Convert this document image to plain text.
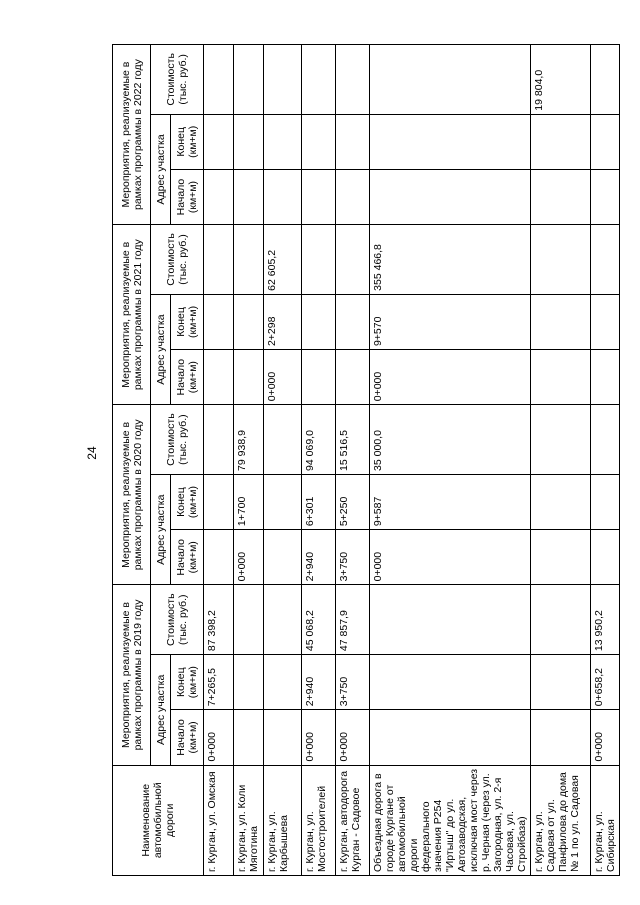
24
Наименование автомобильной дороги	Мероприятия, реализуемые в рамках программы в 2019 году			Мероприятия, реализуемые в рамках программы в 2020 году			Мероприятия, реализуемые в рамках программы в 2021 году			Мероприятия, реализуемые в рамках программы в 2022 году		
	Адрес участка		Стоимость (тыс. руб.)	Адрес участка		Стоимость (тыс. руб.)	Адрес участка		Стоимость (тыс. руб.)	Адрес участка		Стоимость (тыс. руб.)
	Начало (км+м)	Конец (км+м)		Начало (км+м)	Конец (км+м)		Начало (км+м)	Конец (км+м)		Начало (км+м)	Конец (км+м)	
г. Курган, ул. Омская	0+000	7+265,5	87 398,2									
г. Курган, ул. Коли Мяготина				0+000	1+700	79 938,9						
г. Курган, ул. Карбышева							0+000	2+298	62 605,2			
г. Курган, ул. Мостостроителей	0+000	2+940	45 068,2	2+940	6+301	94 069,0						
г. Курган, автодорога Курган - Садовое	0+000	3+750	47 857,9	3+750	5+250	15 516,5						
Объездная дорога в городе Кургане от автомобильной дороги федерального значения Р254 "Иртыш" до ул. Автозаводская, исключая мост через р. Черная (через ул. Загородная, ул. 2-я Часовая, ул. Стройбаза)				0+000	9+587	35 000,0	0+000	9+570	355 466,8			
г. Курган, ул. Садовая от ул. Панфилова до дома № 1 по ул. Садовая												19 804,0
г. Курган, ул. Сибирская	0+000	0+658,2	13 950,2									
